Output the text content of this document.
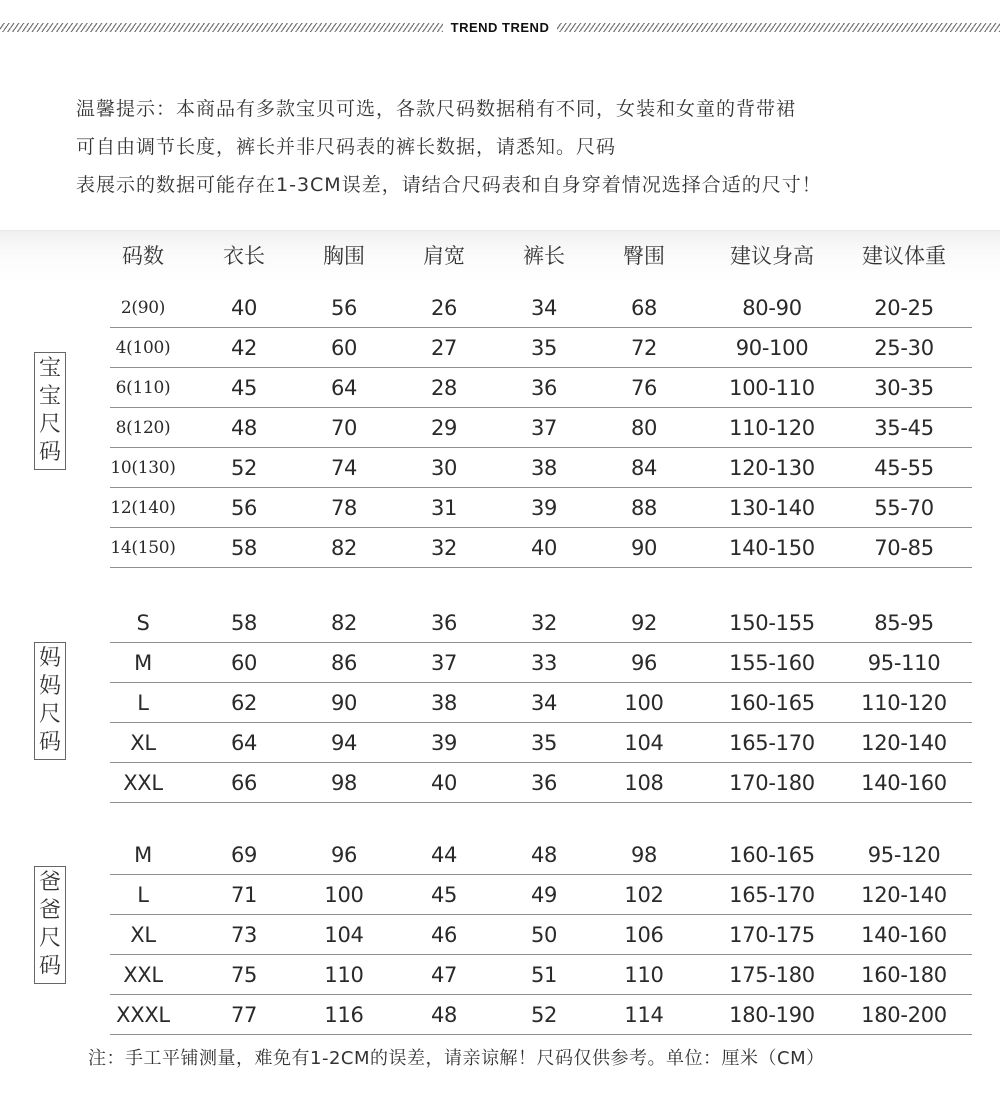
TREND TREND
温馨提示：本商品有多款宝贝可选，各款尺码数据稍有不同，女装和女童的背带裙
可自由调节长度，裤长并非尺码表的裤长数据，请悉知。尺码
表展示的数据可能存在1-3CM误差，请结合尺码表和自身穿着情况选择合适的尺寸！
码数	衣长	胸围	肩宽	裤长	臀围	建议身高 建议体重
宝
宝
尺
码
2(90)	40	56	26	34	68	80-90	20-25
4(100)	42	60	27	35	72	90-100	25-30
6(110)	45	64	28	36	76	100-110	30-35
8(120)	48	70	29	37	80	110-120	35-45
10(130)	52	74	30	38	84	120-130	45-55
12(140)	56	78	31	39	88	130-140	55-70
14(150)	58	82	32	40	90	140-150	70-85
妈
妈
尺
码
S	58	82	36	32	92	150-155	85-95
M	60	86	37	33	96	155-160	95-110
L	62	90	38	34	100	160-165 110-120
XL	64	94	39	35	104	165-170 120-140
XXL	66	98	40	36	108	170-180 140-160
爸
爸
尺
码
M	69	96	44	48	98	160-165	95-120
L	71	100	45	49	102	165-170 120-140
XL	73	104	46	50	106	170-175 140-160
XXL	75	110	47	51	110	175-180 160-180
XXXL	77	116	48	52	114	180-190 180-200
注：手工平铺测量，难免有1-2CM的误差，请亲谅解！尺码仅供参考。单位：厘米（CM）
